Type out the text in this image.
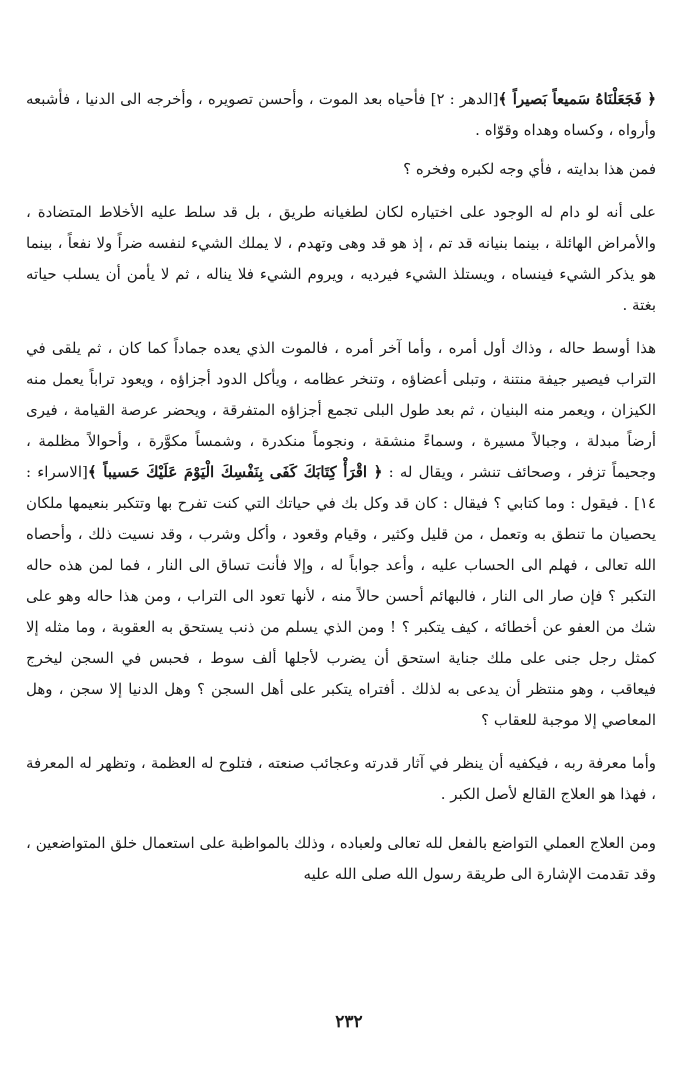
﴿ فَجَعَلْنَاهُ سَميعاً بَصيراً ﴾[الدهر : ٢] فأحياه بعد الموت ، وأحسن تصويره ، وأخرجه الى الدنيا ، فأشبعه وأرواه ، وكساه وهداه وقوّاه .

فمن هذا بدايته ، فأي وجه لكبره وفخره ؟

على أنه لو دام له الوجود على اختياره لكان لطغيانه طريق ، بل قد سلط عليه الأخلاط المتضادة ، والأمراض الهائلة ، بينما بنيانه قد تم ، إذ هو قد وهى وتهدم ، لا يملك الشيء لنفسه ضراً ولا نفعاً ، بينما هو يذكر الشيء فينساه ، ويستلذ الشيء فيرديه ، ويروم الشيء فلا يناله ، ثم لا يأمن أن يسلب حياته بغتة .

هذا أوسط حاله ، وذاك أول أمره ، وأما آخر أمره ، فالموت الذي يعده جماداً كما كان ، ثم يلقى في التراب فيصير جيفة منتنة ، وتبلى أعضاؤه ، وتنخر عظامه ، ويأكل الدود أجزاؤه ، ويعود تراباً يعمل منه الكيزان ، ويعمر منه البنيان ، ثم بعد طول البلى تجمع أجزاؤه المتفرقة ، ويحضر عرصة القيامة ، فيرى أرضاً مبدلة ، وجبالاً مسيرة ، وسماءً منشقة ، ونجوماً منكدرة ، وشمساً مكوَّرة ، وأحوالاً مظلمة ، وجحيماً تزفر ، وصحائف تنشر ، ويقال له : ﴿ اقْرَأْ كِتَابَكَ كَفَى بِنَفْسِكَ الْيَوْمَ عَلَيْكَ حَسيباً ﴾[الاسراء : ١٤] . فيقول : وما كتابي ؟ فيقال : كان قد وكل بك في حياتك التي كنت تفرح بها وتتكبر بنعيمها ملكان يحصيان ما تنطق به وتعمل ، من قليل وكثير ، وقيام وقعود ، وأكل وشرب ، وقد نسيت ذلك ، وأحصاه الله تعالى ، فهلم الى الحساب عليه ، وأعد جواباً له ، وإلا فأنت تساق الى النار ، فما لمن هذه حاله التكبر ؟ فإن صار الى النار ، فالبهائم أحسن حالاً منه ، لأنها تعود الى التراب ، ومن هذا حاله وهو على شك من العفو عن أخطائه ، كيف يتكبر ؟ ! ومن الذي يسلم من ذنب يستحق به العقوبة ، وما مثله إلا كمثل رجل جنى على ملك جناية استحق أن يضرب لأجلها ألف سوط ، فحبس في السجن ليخرج فيعاقب ، وهو منتظر أن يدعى به لذلك . أفتراه يتكبر على أهل السجن ؟ وهل الدنيا إلا سجن ، وهل المعاصي إلا موجبة للعقاب ؟

وأما معرفة ربه ، فيكفيه أن ينظر في آثار قدرته وعجائب صنعته ، فتلوح له العظمة ، وتظهر له المعرفة ، فهذا هو العلاج القالع لأصل الكبر .

ومن العلاج العملي التواضع بالفعل لله تعالى ولعباده ، وذلك بالمواظبة على استعمال خلق المتواضعين ، وقد تقدمت الإشارة الى طريقة رسول الله صلى الله عليه

٢٣٢
